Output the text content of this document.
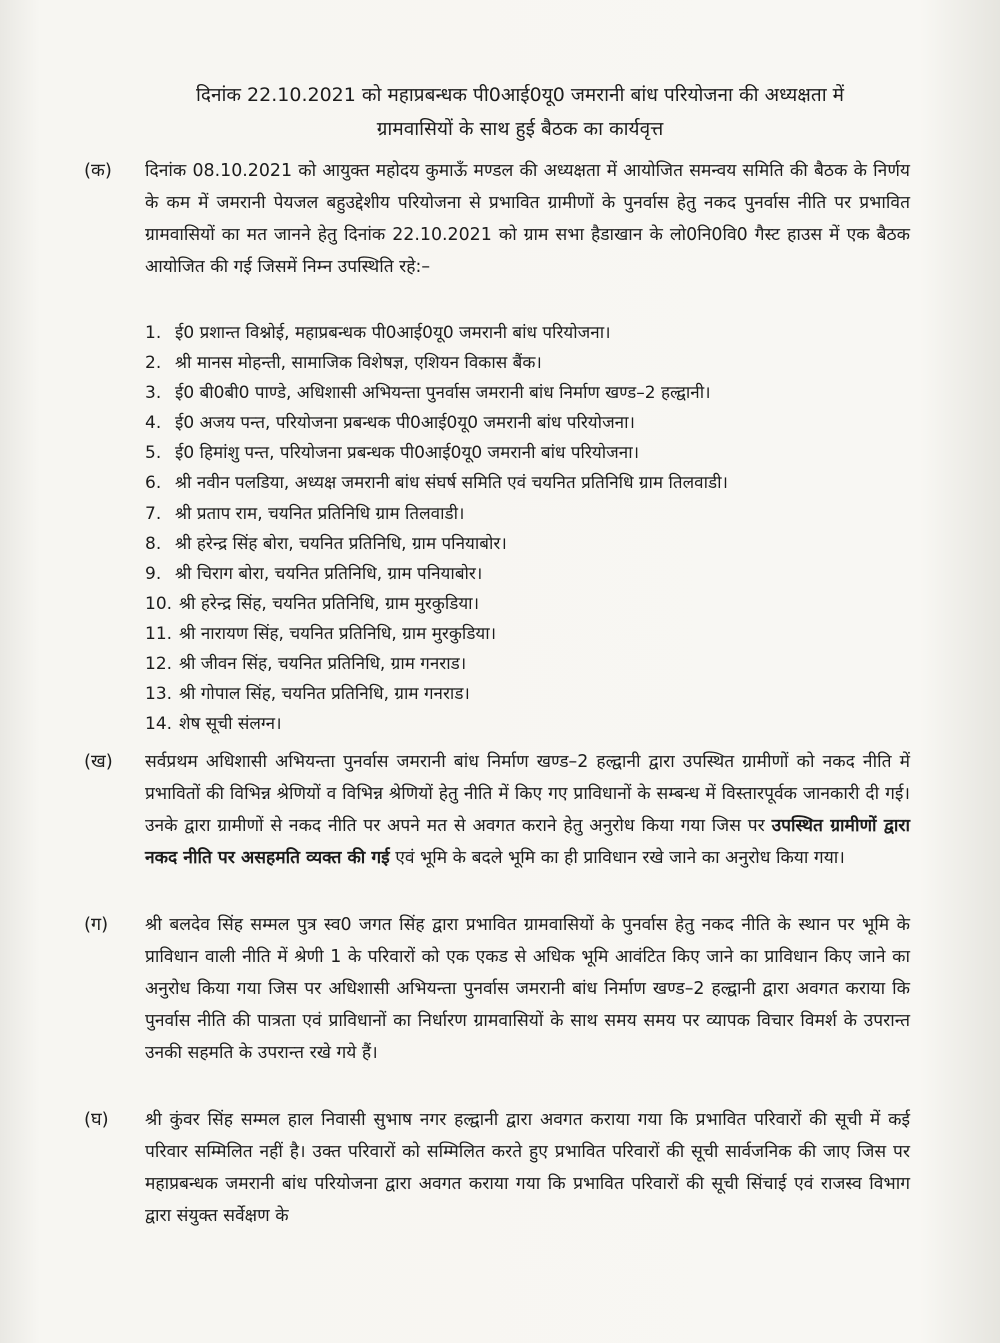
दिनांक 22.10.2021 को महाप्रबन्धक पी0आई0यू0 जमरानी बांध परियोजना की अध्यक्षता में
ग्रामवासियों के साथ हुई बैठक का कार्यवृत्त
(क) दिनांक 08.10.2021 को आयुक्त महोदय कुमाऊँ मण्डल की अध्यक्षता में आयोजित समन्वय समिति की बैठक के निर्णय के कम में जमरानी पेयजल बहुउद्देशीय परियोजना से प्रभावित ग्रामीणों के पुनर्वास हेतु नकद पुनर्वास नीति पर प्रभावित ग्रामवासियों का मत जानने हेतु दिनांक 22.10.2021 को ग्राम सभा हैडाखान के लो0नि0वि0 गैस्ट हाउस में एक बैठक आयोजित की गई जिसमें निम्न उपस्थिति रहे:–
1. ई0 प्रशान्त विश्नोई, महाप्रबन्धक पी0आई0यू0 जमरानी बांध परियोजना।
2. श्री मानस मोहन्ती, सामाजिक विशेषज्ञ, एशियन विकास बैंक।
3. ई0 बी0बी0 पाण्डे, अधिशासी अभियन्ता पुनर्वास जमरानी बांध निर्माण खण्ड–2 हल्द्वानी।
4. ई0 अजय पन्त, परियोजना प्रबन्धक पी0आई0यू0 जमरानी बांध परियोजना।
5. ई0 हिमांशु पन्त, परियोजना प्रबन्धक पी0आई0यू0 जमरानी बांध परियोजना।
6. श्री नवीन पलडिया, अध्यक्ष जमरानी बांध संघर्ष समिति एवं चयनित प्रतिनिधि ग्राम तिलवाडी।
7. श्री प्रताप राम, चयनित प्रतिनिधि ग्राम तिलवाडी।
8. श्री हरेन्द्र सिंह बोरा, चयनित प्रतिनिधि, ग्राम पनियाबोर।
9. श्री चिराग बोरा, चयनित प्रतिनिधि, ग्राम पनियाबोर।
10. श्री हरेन्द्र सिंह, चयनित प्रतिनिधि, ग्राम मुरकुडिया।
11. श्री नारायण सिंह, चयनित प्रतिनिधि, ग्राम मुरकुडिया।
12. श्री जीवन सिंह, चयनित प्रतिनिधि, ग्राम गनराड।
13. श्री गोपाल सिंह, चयनित प्रतिनिधि, ग्राम गनराड।
14. शेष सूची संलग्न।
(ख) सर्वप्रथम अधिशासी अभियन्ता पुनर्वास जमरानी बांध निर्माण खण्ड–2 हल्द्वानी द्वारा उपस्थित ग्रामीणों को नकद नीति में प्रभावितों की विभिन्न श्रेणियों व विभिन्न श्रेणियों हेतु नीति में किए गए प्राविधानों के सम्बन्ध में विस्तारपूर्वक जानकारी दी गई। उनके द्वारा ग्रामीणों से नकद नीति पर अपने मत से अवगत कराने हेतु अनुरोध किया गया जिस पर उपस्थित ग्रामीणों द्वारा नकद नीति पर असहमति व्यक्त की गई एवं भूमि के बदले भूमि का ही प्राविधान रखे जाने का अनुरोध किया गया।
(ग) श्री बलदेव सिंह सम्मल पुत्र स्व0 जगत सिंह द्वारा प्रभावित ग्रामवासियों के पुनर्वास हेतु नकद नीति के स्थान पर भूमि के प्राविधान वाली नीति में श्रेणी 1 के परिवारों को एक एकड से अधिक भूमि आवंटित किए जाने का प्राविधान किए जाने का अनुरोध किया गया जिस पर अधिशासी अभियन्ता पुनर्वास जमरानी बांध निर्माण खण्ड–2 हल्द्वानी द्वारा अवगत कराया कि पुनर्वास नीति की पात्रता एवं प्राविधानों का निर्धारण ग्रामवासियों के साथ समय समय पर व्यापक विचार विमर्श के उपरान्त उनकी सहमति के उपरान्त रखे गये हैं।
(घ) श्री कुंवर सिंह सम्मल हाल निवासी सुभाष नगर हल्द्वानी द्वारा अवगत कराया गया कि प्रभावित परिवारों की सूची में कई परिवार सम्मिलित नहीं है। उक्त परिवारों को सम्मिलित करते हुए प्रभावित परिवारों की सूची सार्वजनिक की जाए जिस पर महाप्रबन्धक जमरानी बांध परियोजना द्वारा अवगत कराया गया कि प्रभावित परिवारों की सूची सिंचाई एवं राजस्व विभाग द्वारा संयुक्त सर्वेक्षण के
